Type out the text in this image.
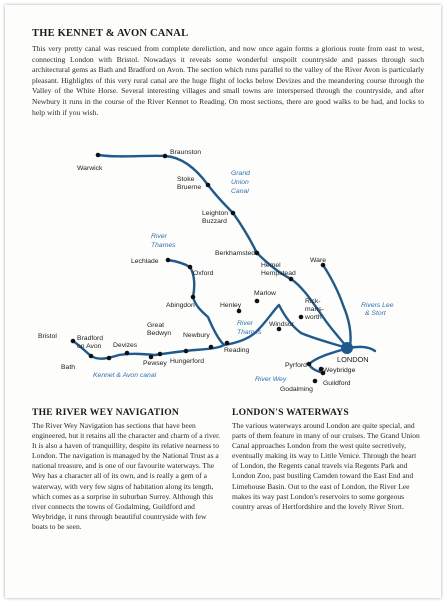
THE KENNET & AVON CANAL

This very pretty canal was rescued from complete dereliction, and now once again forms a glorious route from east to west, connecting London with Bristol. Nowadays it reveals some wonderful unspoilt countryside and passes through such architectural gems as Bath and Bradford on Avon. The section which runs parallel to the valley of the River Avon is particularly pleasant. Highlights of this very rural canal are the huge flight of locks below Devizes and the meandering course through the Valley of the White Horse. Several interesting villages and small towns are interspersed through the countryside, and after Newbury it runs in the course of the River Kennet to Reading. On most sections, there are good walks to be had, and locks to help with if you wish.

Warwick
Braunston
Stoke
Bruerne
Leighton
Buzzard
Berkhamsted
Hemel
Hempstead
Ware
Lechlade
Oxford
Abingdon
Marlow
Henley
Rick-
mans-
worth
Windsor
Bristol
Bath
Bradford
on Avon Devizes
Great
Bedwyn
Pewsey Hungerford
Newbury
Reading
LONDON
Pyrford
Weybridge
Guildford
Godalming
Grand
Union
Canal
River
Thames
River
Thames
Rivers Lee
& Stort
Kennet & Avon canal
River Wey
THE RIVER WEY NAVIGATION

The River Wey Navigation has sections that have been engineered, but it retains all the character and charm of a river. It is also a haven of tranquillity, despite its relative nearness to London. The navigation is managed by the National Trust as a national treasure, and is one of our favourite waterways. The Wey has a character all of its own, and is really a gem of a waterway, with very few signs of habitation along its length, which comes as a surprise in suburban Surrey. Although this river connects the towns of Godalming, Guildford and Weybridge, it runs through beautiful countryside with few boats to be seen.

LONDON'S WATERWAYS

The various waterways around London are quite special, and parts of them feature in many of our cruises. The Grand Union Canal approaches London from the west quite secretively, eventually making its way to Little Venice. Through the heart of London, the Regents canal travels via Regents Park and London Zoo, past bustling Camden toward the East End and Limehouse Basin. Out to the east of London, the River Lee makes its way past London's reservoirs to some gorgeous country areas of Hertfordshire and the lovely River Stort.
